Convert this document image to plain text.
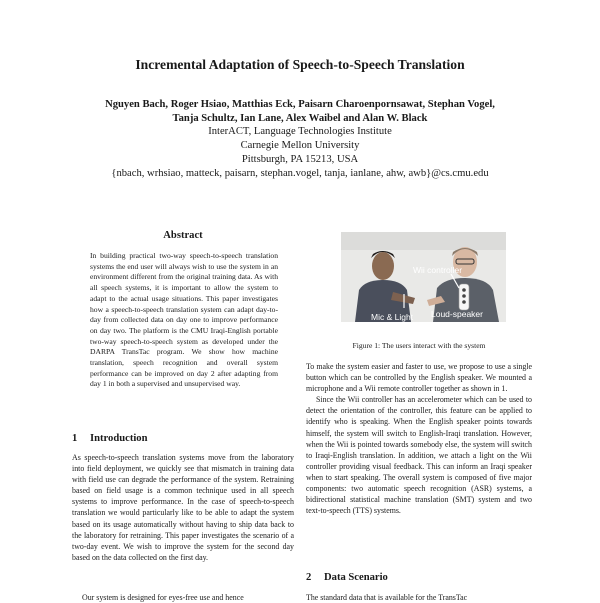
Incremental Adaptation of Speech-to-Speech Translation
Nguyen Bach, Roger Hsiao, Matthias Eck, Paisarn Charoenpornsawat, Stephan Vogel,
Tanja Schultz, Ian Lane, Alex Waibel and Alan W. Black
InterACT, Language Technologies Institute
Carnegie Mellon University
Pittsburgh, PA 15213, USA
{nbach, wrhsiao, matteck, paisarn, stephan.vogel, tanja, ianlane, ahw, awb}@cs.cmu.edu
Abstract
In building practical two-way speech-to-speech translation systems the end user will always wish to use the system in an environment different from the original training data. As with all speech systems, it is important to allow the system to adapt to the actual usage situations. This paper investigates how a speech-to-speech translation system can adapt day-to-day from collected data on day one to improve performance on day two. The platform is the CMU Iraqi-English portable two-way speech-to-speech system as developed under the DARPA TransTac program. We show how machine translation, speech recognition and overall system performance can be improved on day 2 after adapting from day 1 in both a supervised and unsupervised way.
1 Introduction

As speech-to-speech translation systems move from the laboratory into field deployment, we quickly see that mismatch in training data with field use can degrade the performance of the system. Retraining based on field usage is a common technique used in all speech systems to improve performance. In the case of speech-to-speech translation we would particularly like to be able to adapt the system based on its usage automatically without having to ship data back to the laboratory for retraining. This paper investigates the scenario of a two-day event. We wish to improve the system for the second day based on the data collected on the first day.

Our system is designed for eyes-free use and hence
Wii controller
Mic & Light Loud-speaker
Figure 1: The users interact with the system

To make the system easier and faster to use, we propose to use a single button which can be controlled by the English speaker. We mounted a microphone and a Wii remote controller together as shown in 1.

Since the Wii controller has an accelerometer which can be used to detect the orientation of the controller, this feature can be applied to identify who is speaking. When the English speaker points towards himself, the system will switch to English-Iraqi translation. However, when the Wii is pointed towards somebody else, the system will switch to Iraqi-English translation. In addition, we attach a light on the Wii controller providing visual feedback. This can inform an Iraqi speaker when to start speaking. The overall system is composed of five major components: two automatic speech recognition (ASR) systems, a bidirectional statistical machine translation (SMT) system and two text-to-speech (TTS) systems.

2 Data Scenario
The standard data that is available for the TransTac
